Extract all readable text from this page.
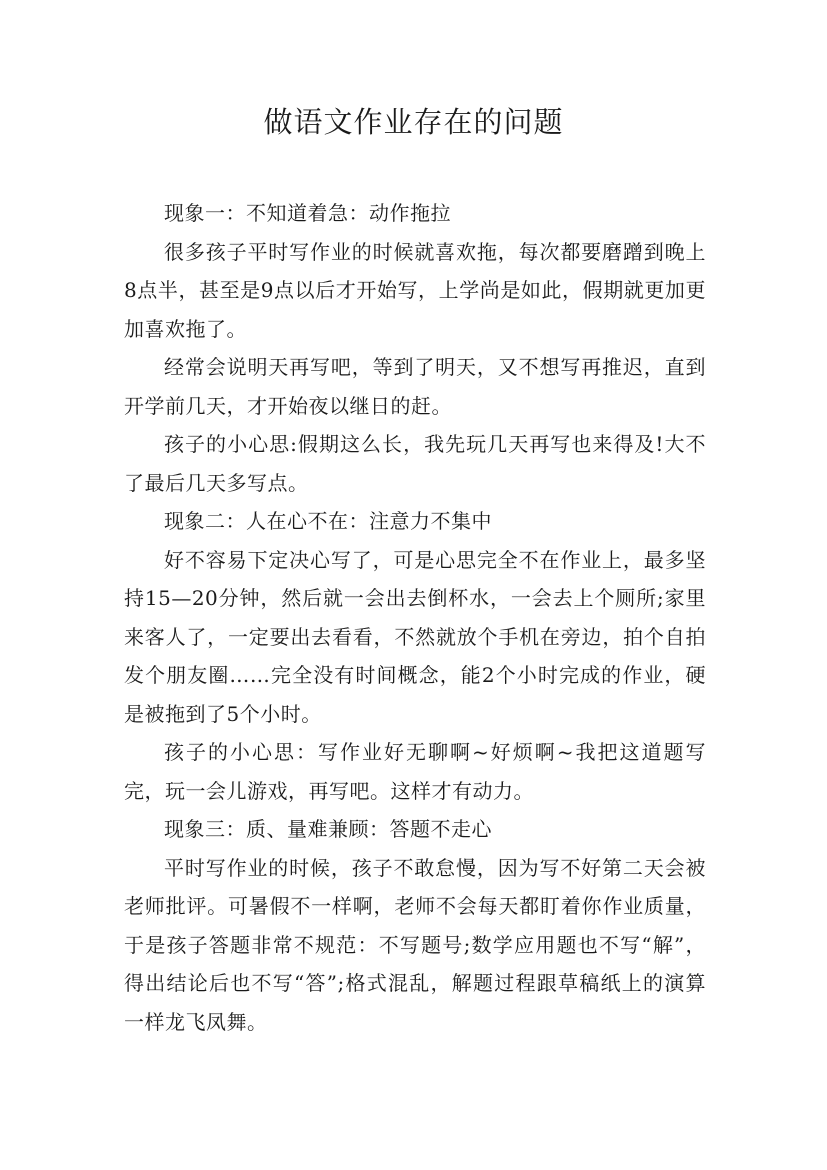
做语文作业存在的问题

现象一：不知道着急：动作拖拉

很多孩子平时写作业的时候就喜欢拖，每次都要磨蹭到晚上8点半，甚至是9点以后才开始写，上学尚是如此，假期就更加更加喜欢拖了。

经常会说明天再写吧，等到了明天，又不想写再推迟，直到开学前几天，才开始夜以继日的赶。

孩子的小心思:假期这么长，我先玩几天再写也来得及!大不了最后几天多写点。

现象二：人在心不在：注意力不集中

好不容易下定决心写了，可是心思完全不在作业上，最多坚持15—20分钟，然后就一会出去倒杯水，一会去上个厕所;家里来客人了，一定要出去看看，不然就放个手机在旁边，拍个自拍发个朋友圈……完全没有时间概念，能2个小时完成的作业，硬是被拖到了5个小时。

孩子的小心思：写作业好无聊啊~好烦啊~我把这道题写完，玩一会儿游戏，再写吧。这样才有动力。

现象三：质、量难兼顾：答题不走心

平时写作业的时候，孩子不敢怠慢，因为写不好第二天会被老师批评。可暑假不一样啊，老师不会每天都盯着你作业质量，于是孩子答题非常不规范：不写题号;数学应用题也不写“解”，得出结论后也不写“答”;格式混乱，解题过程跟草稿纸上的演算一样龙飞凤舞。
